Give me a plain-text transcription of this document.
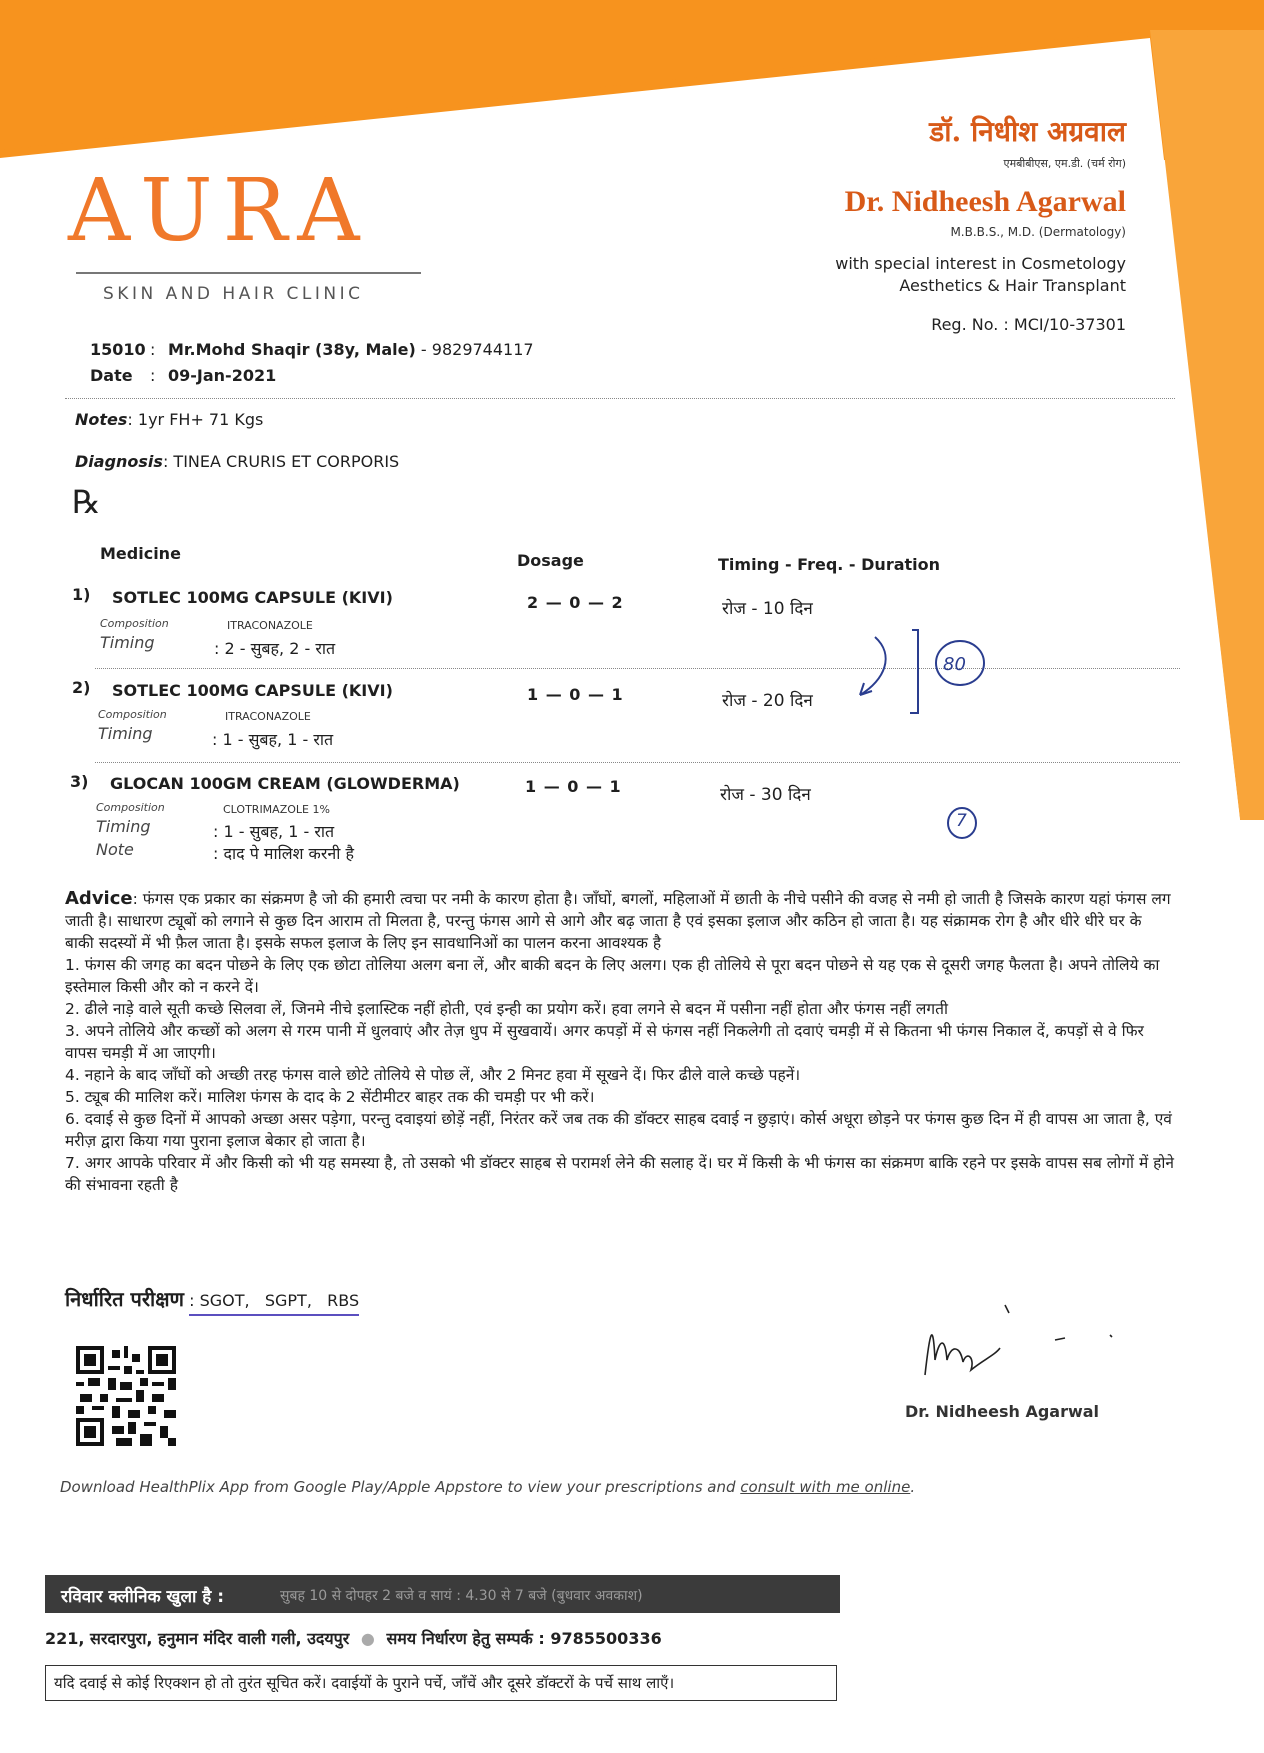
AURA
SKIN AND HAIR CLINIC
डॉ. निधीश अग्रवाल
एमबीबीएस, एम.डी. (चर्म रोग)
Dr. Nidheesh Agarwal
M.B.B.S., M.D. (Dermatology)
with special interest in Cosmetology
Aesthetics & Hair Transplant
Reg. No. : MCI/10-37301
15010 : Mr.Mohd Shaqir (38y, Male) - 9829744117
Date : 09-Jan-2021
Notes: 1yr FH+ 71 Kgs
Diagnosis: TINEA CRURIS ET CORPORIS
℞
Medicine	Dosage	Timing - Freq. - Duration
1) SOTLEC 100MG CAPSULE (KIVI)	2 — 0 — 2	रोज - 10 दिन
Composition	ITRACONAZOLE
Timing	: 2 - सुबह, 2 - रात
2) SOTLEC 100MG CAPSULE (KIVI)	1 — 0 — 1	रोज - 20 दिन
Composition	ITRACONAZOLE
Timing	: 1 - सुबह, 1 - रात
3) GLOCAN 100GM CREAM (GLOWDERMA)	1 — 0 — 1	रोज - 30 दिन
Composition	CLOTRIMAZOLE 1%
Timing	: 1 - सुबह, 1 - रात
Note	: दाद पे मालिश करनी है
80
7

Advice: फंगस एक प्रकार का संक्रमण है जो की हमारी त्वचा पर नमी के कारण होता है। जाँघों, बगलों, महिलाओं में छाती के नीचे पसीने की वजह से नमी हो जाती है जिसके कारण यहां फंगस लग जाती है। साधारण ट्यूबों को लगाने से कुछ दिन आराम तो मिलता है, परन्तु फंगस आगे से आगे और बढ़ जाता है एवं इसका इलाज और कठिन हो जाता है। यह संक्रामक रोग है और धीरे धीरे घर के बाकी सदस्यों में भी फ़ैल जाता है। इसके सफल इलाज के लिए इन सावधानिओं का पालन करना आवश्यक है

1. फंगस की जगह का बदन पोछने के लिए एक छोटा तोलिया अलग बना लें, और बाकी बदन के लिए अलग। एक ही तोलिये से पूरा बदन पोछने से यह एक से दूसरी जगह फैलता है। अपने तोलिये का इस्तेमाल किसी और को न करने दें।

2. ढीले नाड़े वाले सूती कच्छे सिलवा लें, जिनमे नीचे इलास्टिक नहीं होती, एवं इन्ही का प्रयोग करें। हवा लगने से बदन में पसीना नहीं होता और फंगस नहीं लगती

3. अपने तोलिये और कच्छों को अलग से गरम पानी में धुलवाएं और तेज़ धुप में सुखवायें। अगर कपड़ों में से फंगस नहीं निकलेगी तो दवाएं चमड़ी में से कितना भी फंगस निकाल दें, कपड़ों से वे फिर वापस चमड़ी में आ जाएगी।

4. नहाने के बाद जाँघों को अच्छी तरह फंगस वाले छोटे तोलिये से पोछ लें, और 2 मिनट हवा में सूखने दें। फिर ढीले वाले कच्छे पहनें।

5. ट्यूब की मालिश करें। मालिश फंगस के दाद के 2 सेंटीमीटर बाहर तक की चमड़ी पर भी करें।

6. दवाई से कुछ दिनों में आपको अच्छा असर पड़ेगा, परन्तु दवाइयां छोड़ें नहीं, निरंतर करें जब तक की डॉक्टर साहब दवाई न छुड़ाएं। कोर्स अधूरा छोड़ने पर फंगस कुछ दिन में ही वापस आ जाता है, एवं मरीज़ द्वारा किया गया पुराना इलाज बेकार हो जाता है।

7. अगर आपके परिवार में और किसी को भी यह समस्या है, तो उसको भी डॉक्टर साहब से परामर्श लेने की सलाह दें। घर में किसी के भी फंगस का संक्रमण बाकि रहने पर इसके वापस सब लोगों में होने की संभावना रहती है

निर्धारित परीक्षण : SGOT,   SGPT,   RBS
Dr. Nidheesh Agarwal
Download HealthPlix App from Google Play/Apple Appstore to view your prescriptions and consult with me online.
रविवार क्लीनिक खुला है :	सुबह 10 से दोपहर 2 बजे व सायं : 4.30 से 7 बजे (बुधवार अवकाश)
221, सरदारपुरा, हनुमान मंदिर वाली गली, उदयपुर ● समय निर्धारण हेतु सम्पर्क : 9785500336
यदि दवाई से कोई रिएक्शन हो तो तुरंत सूचित करें। दवाईयों के पुराने पर्चे, जाँचें और दूसरे डॉक्टरों के पर्चे साथ लाएँ।
